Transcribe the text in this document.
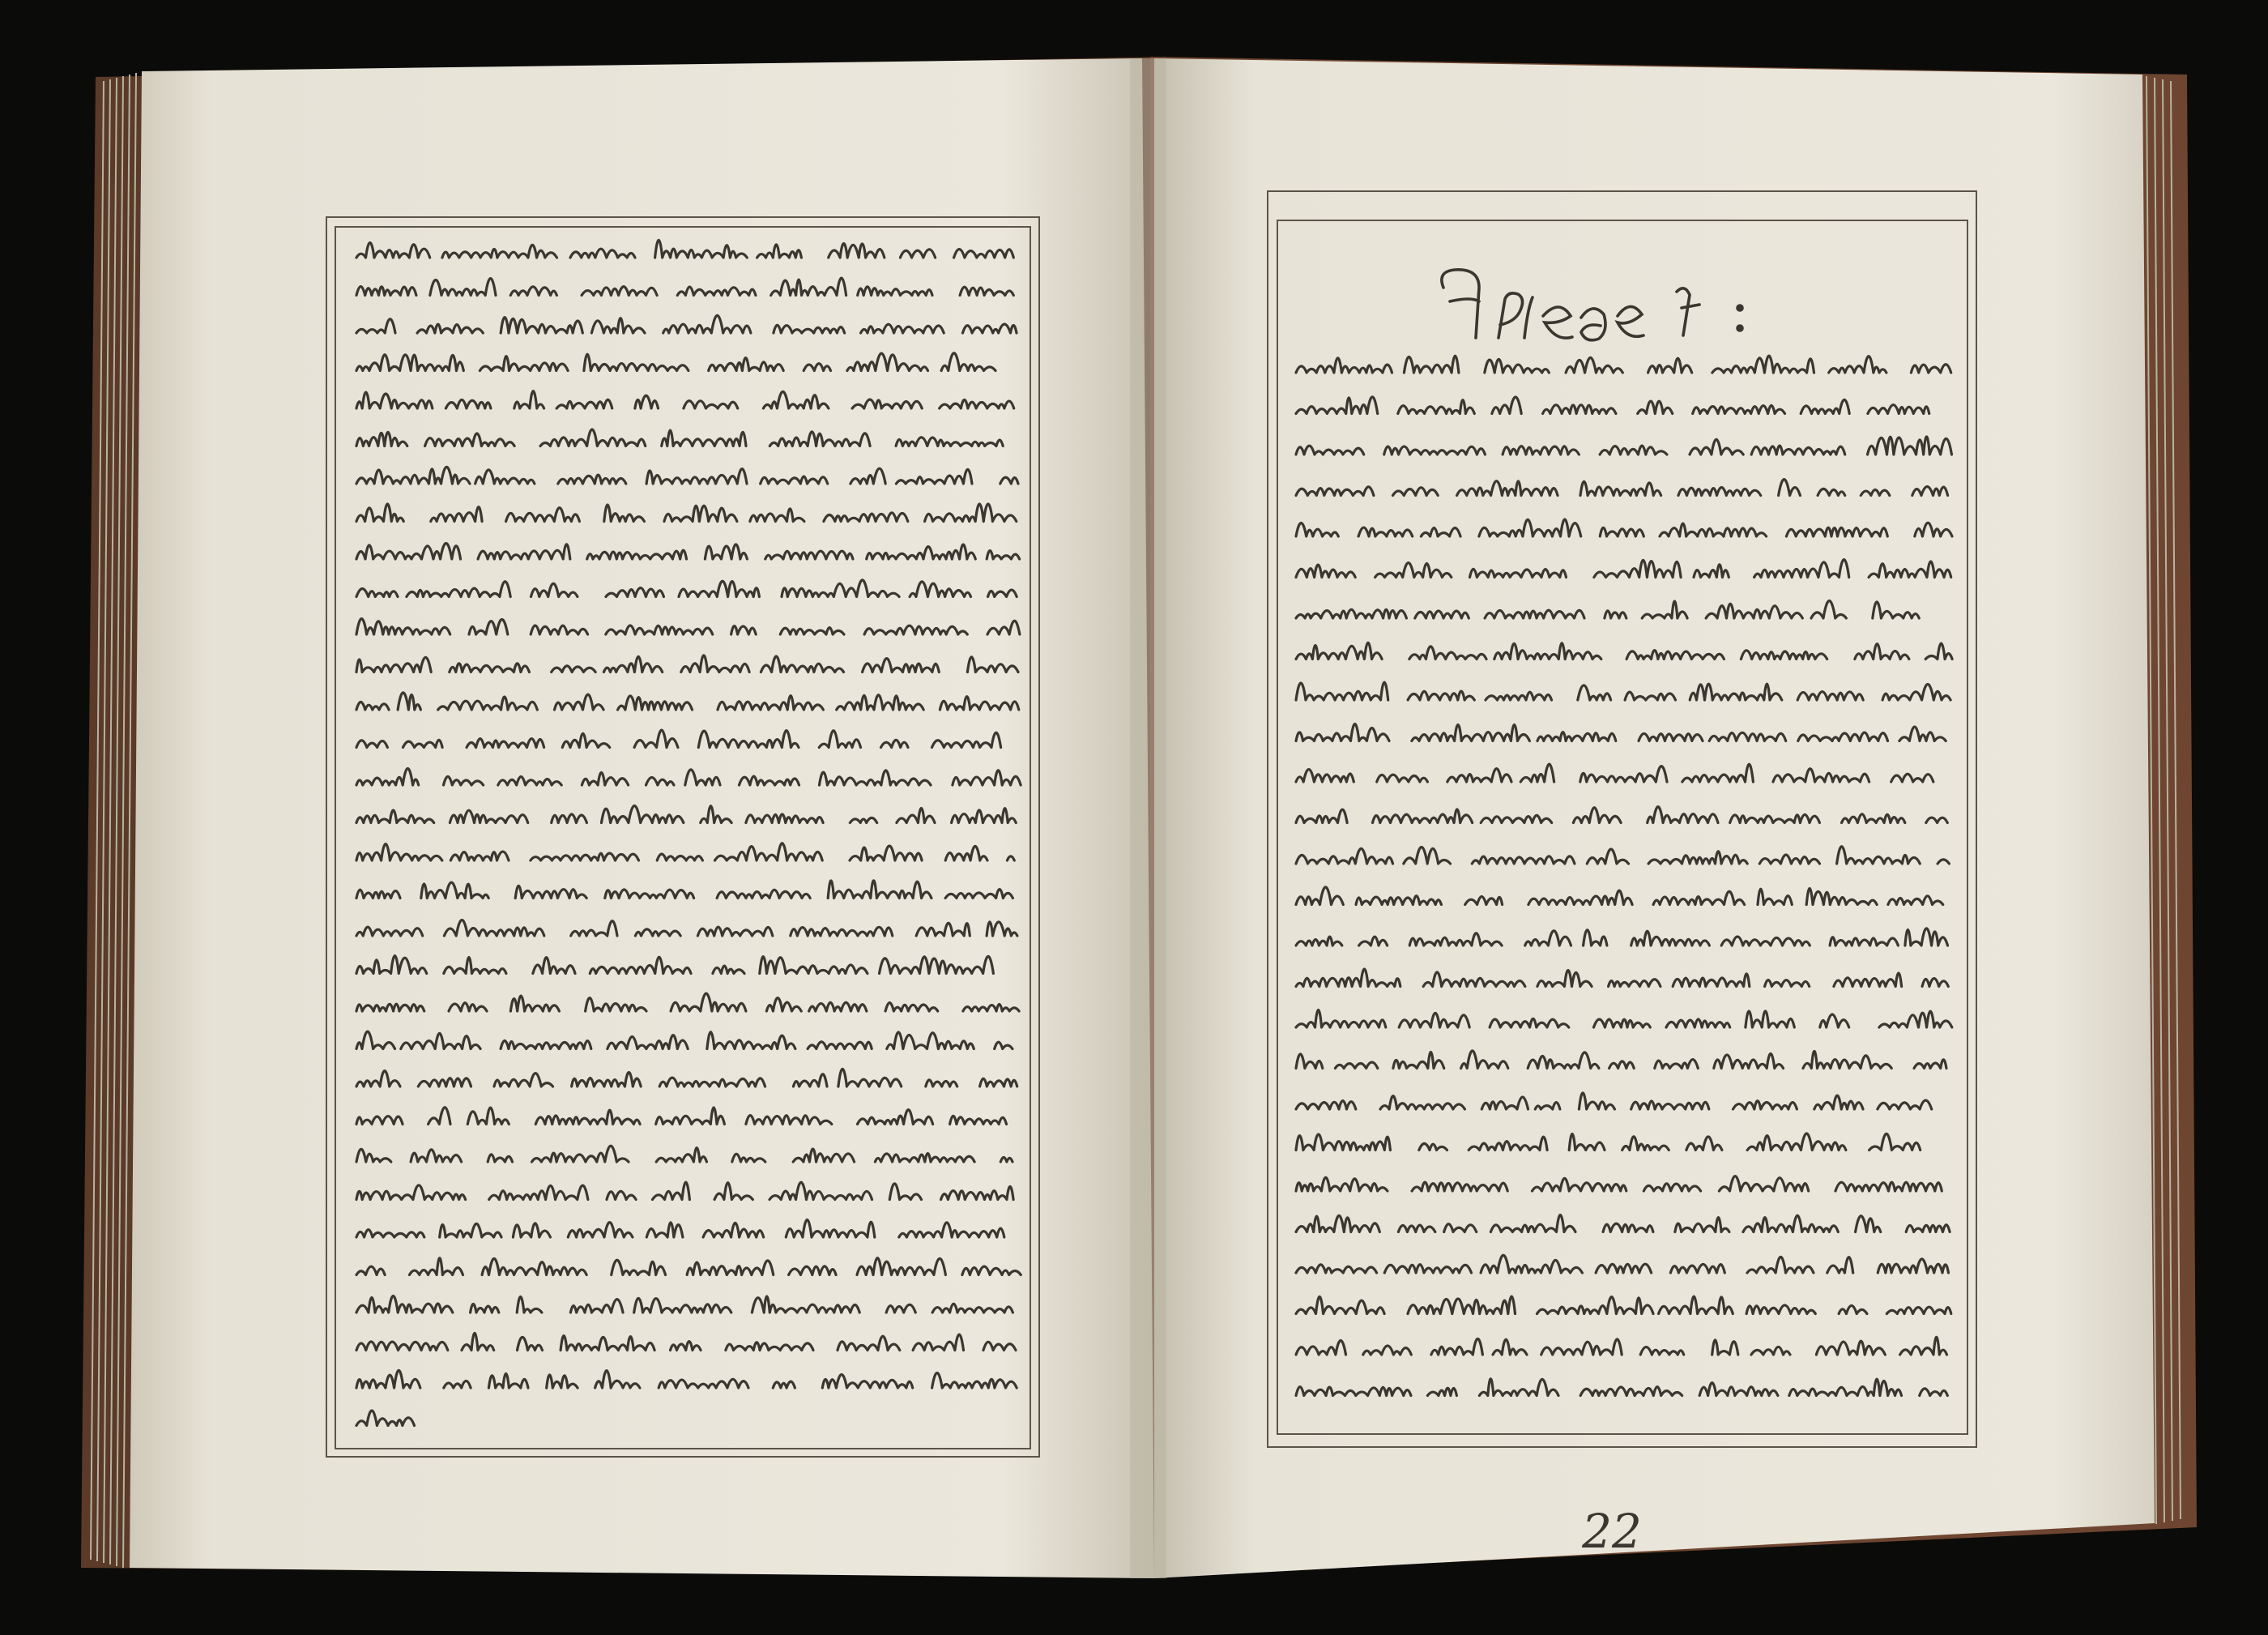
22
